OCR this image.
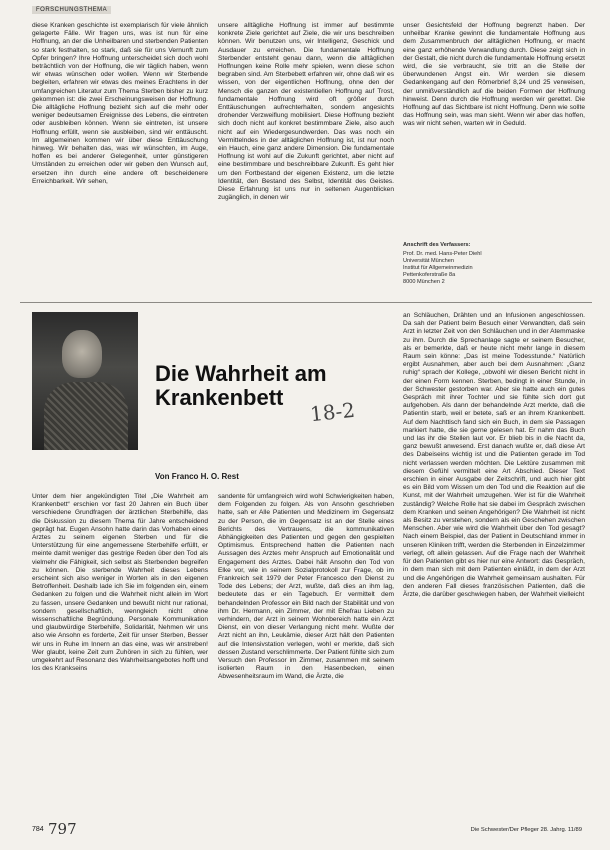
FORSCHUNGSTHEMA
diese Kranken geschichte ist exemplarisch für viele ähnlich gelagerte Fälle. Wir fragen uns, was ist nun für eine Hoffnung, an der die Unheilbaren und sterbenden Patienten so stark festhalten, so stark, daß sie für uns Vernunft zum Opfer bringen? Ihre Hoffnung unterscheidet sich doch wohl beträchtlich von der Hoffnung, die wir täglich haben, wenn wir etwas wünschen oder wollen. Wenn wir Sterbende begleiten, erfahren wir etwas des meines Erachtens in der umfangreichen Literatur zum Thema Sterben bisher zu kurz gekommen ist: die zwei Erscheinungsweisen der Hoffnung. Die alltägliche Hoffnung bezieht sich auf die mehr oder weniger bedeutsamen Ereignisse des Lebens, die eintreten oder ausbleiben können. Wenn sie eintreten, ist unsere Hoffnung erfüllt, wenn sie ausbleiben, sind wir enttäuscht. Im allgemeinen kommen wir über diese Enttäuschung hinweg. Wir behalten das, was wir wünschten, im Auge, hoffen es bei anderer Gelegenheit, unter günstigeren Umständen zu erreichen oder wir geben den Wunsch auf, ersetzen ihn durch eine andere oft bescheidenere Erreichbarkeit. Wir sehen,
unsere alltägliche Hoffnung ist immer auf bestimmte konkrete Ziele gerichtet auf Ziele, die wir uns beschreiben können. Wir benutzen uns, wir Intelligenz, Geschick und Ausdauer zu erreichen. Die fundamentale Hoffnung Sterbender entsteht genau dann, wenn die alltäglichen Hoffnungen keine Rolle mehr spielen, wenn diese schon begraben sind. Am Sterbebett erfahren wir, ohne daß wir es wissen, von der eigentlichen Hoffnung, ohne den der Mensch die ganzen der existentiellen Hoffnung auf Trost, fundamentale Hoffnung wird oft größer durch Enttäuschungen aufrechterhalten, sondern angesichts drohender Verzweiflung mobilisiert. Diese Hoffnung bezieht sich doch nicht auf konkret bestimmbare Ziele, also auch nicht auf ein Wiedergesundwerden. Das was noch ein Vermittelndes in der alltäglichen Hoffnung ist, ist nur noch ein Hauch, eine ganz andere Dimension. Die fundamentale Hoffnung ist wohl auf die Zukunft gerichtet, aber nicht auf eine bestimmbare und beschreibbare Zukunft. Es geht hier um den Fortbestand der eigenen Existenz, um die letzte Identität, den Bestand des Selbst, Identität des Geistes. Diese Erfahrung ist uns nur in seltenen Augenblicken zugänglich, in denen wir
unser Gesichtsfeld der Hoffnung begrenzt haben. Der unheilbar Kranke gewinnt die fundamentale Hoffnung aus dem Zusammenbruch der alltäglichen Hoffnung, er macht eine ganz erhöhende Verwandlung durch. Diese zeigt sich in der Gestalt, die nicht durch die fundamentale Hoffnung ersetzt wird, die sie verbraucht, sie tritt an die Stelle der überwundenen Angst ein. Wir werden sie diesem Gedankengang auf den Römerbrief 8,24 und 25 verweisen, der unmißverständlich auf die beiden Formen der Hoffnung hinweist. Denn durch die Hoffnung werden wir gerettet. Die Hoffnung auf das Sichtbare ist nicht Hoffnung. Denn wie sollte das Hoffnung sein, was man sieht. Wenn wir aber das hoffen, was wir nicht sehen, warten wir in Geduld.
Anschrift des Verfassers:
Prof. Dr. med. Hans-Peter Diehl
Universität München
Institut für Allgemeinmedizin
Pettenkoferstraße 8a
8000 München 2
Die Wahrheit am Krankenbett
18-2
Von Franco H. O. Rest
Unter dem hier angekündigten Titel „Die Wahrheit am Krankenbett“ erschien vor fast 20 Jahren ein Buch über verschiedene Grundfragen der ärztlichen Sterbehilfe, das die Diskussion zu diesem Thema für Jahre entscheidend geprägt hat. Eugen Ansohn hatte darin das Vorhaben eines Arztes zu seinem eigenen Sterben und für die Unterstützung für eine angemessene Sterbehilfe erfüllt, er meinte damit weniger das gestrige Reden über den Tod als vielmehr die Fähigkeit, sich selbst als Sterbenden begreifen zu können. Die sterbende Wahrheit dieses Lebens erscheint sich also weniger in Worten als in den eigenen Betroffenheit. Deshalb lade ich Sie im folgenden ein, einem Gedanken zu folgen und die Wahrheit nicht allein im Wort zu fassen, unsere Gedanken und bewußt nicht nur rational, sondern gesellschaftlich, wenngleich nicht ohne wissenschaftliche Begründung. Personale Kommunikation und glaubwürdige Sterbehilfe, Solidarität, Nehmen wir uns also wie Ansohn es forderte, Zeit für unser Sterben, Besser wir uns in Ruhe im Innern an das eine, was wir anstreben! Wer glaubt, keine Zeit zum Zuhören in sich zu fühlen, wer umgekehrt auf Resonanz des Wahrheitsangebotes hofft und los des Krankseins
sandente für umfangreich wird wohl Schwierigkeiten haben, dem Folgenden zu folgen. Als von Ansohn geschrieben hatte, sah er Alle Patienten und Medizinern im Gegensatz zu der Person, die im Gegensatz ist an der Stelle eines Berichts des Vertrauens, die kommunikativen Abhängigkeiten des Patienten und gegen den gespielten Optimismus. Entsprechend hatten die Patienten nach Aussagen des Arztes mehr Anspruch auf Emotionalität und Engagement des Arztes. Dabei hält Ansohn den Tod von Elke vor, wie in seinem Sozialprotokoll zur Frage, ob im Frankreich seit 1979 der Peter Francesco den Dienst zu Tode des Lebens; der Arzt, wußte, daß dies an ihm lag, bedeutete das er ein Tagebuch. Er vermittelt dem behandelnden Professor ein Bild nach der Stabilität und von ihm Dr. Hermann, ein Zimmer, der mit Ehefrau Lieben zu verhindern, der Arzt in seinem Wohnbereich hatte ein Arzt Dienst, ein von dieser Verlangung nicht mehr. Wußte der Arzt nicht an ihn, Leukämie, dieser Arzt hält den Patienten auf die Intensivstation verlegen, wohl er merkte, daß sich dessen Zustand verschlimmerte. Der Patient fühlte sich zum Versuch den Professor im Zimmer, zusammen mit seinem isolierten Raum in den Hasenbecken, einen Abwesenheitsraum im Wand, die Ärzte, die
an Schläuchen, Drähten und an Infusionen angeschlossen. Da sah der Patient beim Besuch einer Verwandten, daß sein Arzt in letzter Zeit von den Schläuchen und in der Atemmaske zu ihm. Durch die Sprechanlage sagte er seinem Besucher, als er bemerkte, daß er heute nicht mehr lange in diesem Raum sein könne: „Das ist meine Todesstunde.“ Natürlich ergibt Ausnahmen, aber auch bei dem Ausnahmen: „Ganz ruhig“ sprach der Kollege, „obwohl wir diesen Bericht nicht in der einen Form kennen. Sterben, bedingt in einer Stunde, in der Schwester gestorben war. Aber sie hatte auch ein gutes Gespräch mit ihrer Tochter und sie fühlte sich dort gut aufgehoben. Als dann der behandelnde Arzt merkte, daß die Patientin starb, weil er betete, saß er an ihrem Krankenbett. Auf dem Nachttisch fand sich ein Buch, in dem sie Passagen markiert hatte, die sie gerne gelesen hat. Er nahm das Buch und las ihr die Stellen laut vor. Er blieb bis in die Nacht da, ganz bewußt anwesend. Erst danach wußte er, daß diese Art des Dabeiseins wichtig ist und die Patienten gerade im Tod nicht verlassen werden möchten. Die Lektüre zusammen mit diesem Gefühl vermittelt eine Art Abschied. Dieser Text erschien in einer Ausgabe der Zeitschrift, und auch hier gibt es ein Bild vom Wissen um den Tod und die Reaktion auf die Kunst, mit der Wahrheit umzugehen. Wer ist für die Wahrheit zuständig? Welche Rolle hat sie dabei im Gespräch zwischen dem Kranken und seinen Angehörigen? Die Wahrheit ist nicht als Besitz zu verstehen, sondern als ein Geschehen zwischen Menschen. Aber wie wird die Wahrheit über den Tod gesagt? Nach einem Beispiel, das der Patient in Deutschland immer in unseren Kliniken trifft, werden die Sterbenden in Einzelzimmer verlegt, oft allein gelassen. Auf die Frage nach der Wahrheit für den Patienten gibt es hier nur eine Antwort: das Gespräch, in dem man sich mit dem Patienten einläßt, in dem der Arzt und die Angehörigen die Wahrheit gemeinsam aushalten. Für den anderen Fall dieses französischen Patienten, daß die Ärzte, die darüber geschwiegen haben, der Wahrheit vielleicht
784 797	Die Schwester/Der Pfleger 28. Jahrg. 11/89
